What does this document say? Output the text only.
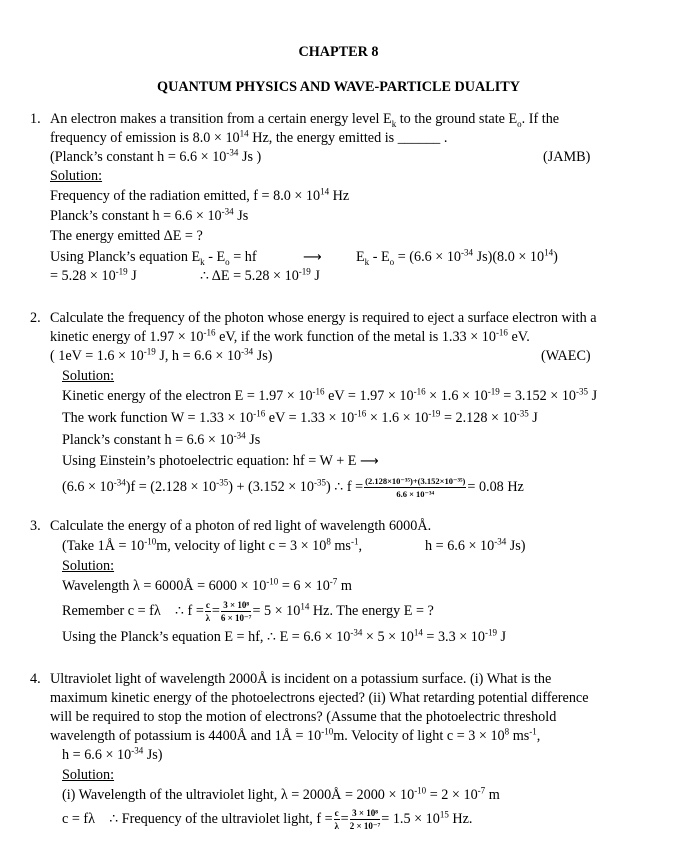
CHAPTER 8
QUANTUM PHYSICS AND WAVE-PARTICLE DUALITY
1. An electron makes a transition from a certain energy level $E_k$ to the ground state $E_o$. If the
frequency of emission is $8.0 \times 10^{14}$ Hz, the energy emitted is ______ .
(Planck’s constant $h = 6.6 \times 10^{-34}$ Js )	(JAMB)
Solution:
Frequency of the radiation emitted, $f = 8.0 \times 10^{14}$ Hz
Planck’s constant $h = 6.6 \times 10^{-34}$ Js
The energy emitted ΔE = ?
Using Planck’s equation $E_k - E_o$ = hf	⟶ $E_k - E_o = (6.6 \times 10^{-34}$ $Js)(8.0 \times 10^{14})$
= $5.28 \times 10^{-19}$ J	∴ $\Delta E = 5.28 \times 10^{-19}$ J
2. Calculate the frequency of the photon whose energy is required to eject a surface electron with a
kinetic energy of $1.97 \times 10^{-16}$ eV, if the work function of the metal is $1.33 \times 10^{-16}$ eV.
( $1eV = 1.6 \times 10^{-19}$ J, $h = 6.6 \times 10^{-34}$ Js)	(WAEC)
Solution:
Kinetic energy of the electron $E = 1.97 \times 10^{-16}$ eV = $1.97 \times 10^{-16} \times 1.6 \times 10^{-19} = 3.152 \times 10^{-35}$ J
The work function $W = 1.33 \times 10^{-16}$ eV = $1.33 \times 10^{-16} \times 1.6 \times 10^{-19} = 2.128 \times 10^{-35}$ J
Planck’s constant $h = 6.6 \times 10^{-34}$ Js
Using Einstein’s photoelectric equation: hf = W + E ⟶
$(6.6 \times 10^{-34})f = (2.128 \times 10^{-35}) + (3.152 \times 10^{-35})$ ∴ $f = \frac{\text{(2.128×10⁻³⁵)+(3.152×10⁻³⁵)}}{\text{6.6 × 10⁻³⁴}} = 0.08$ Hz
3. Calculate the energy of a photon of red light of wavelength 6000Å.
(Take 1Å = $10^{-10}m$, velocity of light $c = 3 \times 10^8$ $ms^{-1}$,	$h = 6.6 \times 10^{-34}$ Js)
Solution:
Wavelength λ = 6000Å = $6000 \times 10^{-10} = 6 \times 10^{-7}$ m
Remember c = fλ ∴ $f = \frac{c}{\lambda} = \frac{\text{3 × 10⁸}}{\text{6 × 10⁻⁷}} = 5 \times 10^{14}$ Hz. The energy E = ?
Using the Planck’s equation E = hf, ∴ $E = 6.6 \times 10^{-34} \times 5 \times 10^{14} = 3.3 \times 10^{-19}$ J
4. Ultraviolet light of wavelength 2000Å is incident on a potassium surface. (i) What is the
maximum kinetic energy of the photoelectrons ejected? (ii) What retarding potential difference
will be required to stop the motion of electrons? (Assume that the photoelectric threshold
wavelength of potassium is 4400Å and 1Å = $10^{-10}m$. Velocity of light $c = 3 \times 10^8$ $ms^{-1}$,
$h = 6.6 \times 10^{-34}$ Js)
Solution:
(i) Wavelength of the ultraviolet light, λ = 2000Å = $2000 \times 10^{-10} = 2 \times 10^{-7}$ m
c = fλ ∴ Frequency of the ultraviolet light, $f = \frac{c}{\lambda} = \frac{\text{3 × 10⁸}}{\text{2 × 10⁻⁷}} = 1.5 \times 10^{15}$ Hz.
